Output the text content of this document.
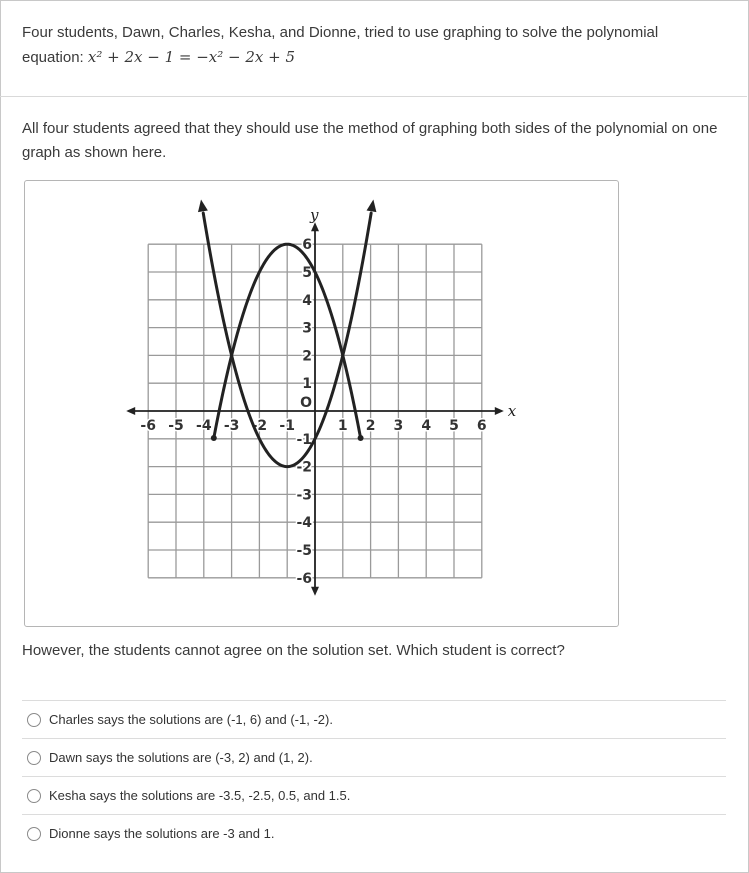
Four students, Dawn, Charles, Kesha, and Dionne, tried to use graphing to solve the polynomial
equation: x² + 2x − 1 = −x² − 2x + 5
All four students agreed that they should use the method of graphing both sides of the polynomial on one graph as shown here.
x
y
-6 -5 -4 -3 -2 -1	1 2 3 4 5 6
6
5
4
3
2
1
-1
-2
-3
-4
-5
-6
O
However, the students cannot agree on the solution set. Which student is correct?
Charles says the solutions are (-1, 6) and (-1, -2).
Dawn says the solutions are (-3, 2) and (1, 2).
Kesha says the solutions are -3.5, -2.5, 0.5, and 1.5.
Dionne says the solutions are -3 and 1.
